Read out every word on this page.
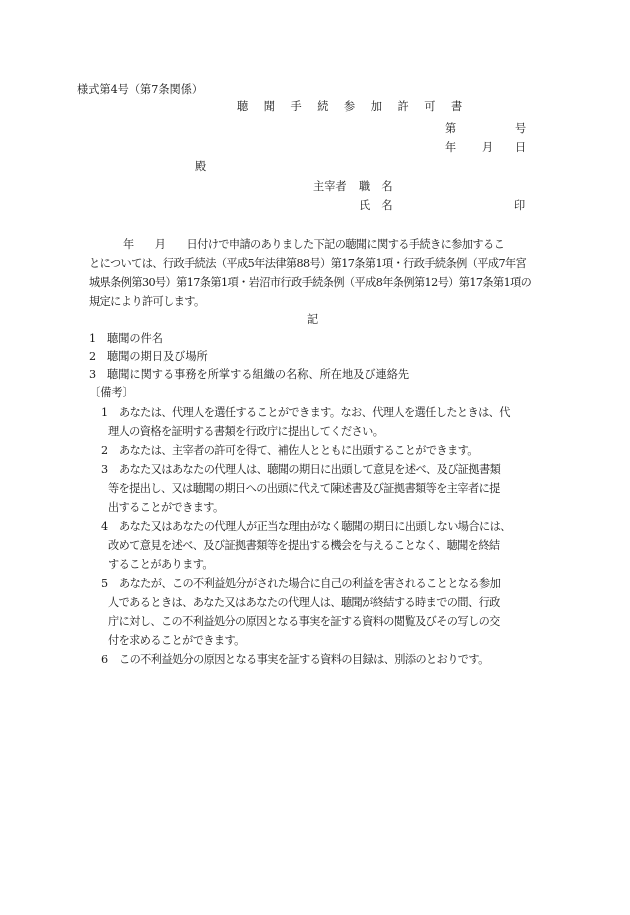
様式第4号（第7条関係）
聴 聞 手 続 参 加 許 可 書
第	号
年 月 日
殿
主宰者 職　名
氏　名	印
年　　月　　日付けで申請のありました下記の聴聞に関する手続きに参加するこ
とについては、行政手続法（平成5年法律第88号）第17条第1項・行政手続条例（平成7年宮
城県条例第30号）第17条第1項・岩沼市行政手続条例（平成8年条例第12号）第17条第1項の
規定により許可します。
記
1 聴聞の件名
2 聴聞の期日及び場所
3 聴聞に関する事務を所掌する組織の名称、所在地及び連絡先
〔備考〕
1 あなたは、代理人を選任することができます。なお、代理人を選任したときは、代
理人の資格を証明する書類を行政庁に提出してください。
2 あなたは、主宰者の許可を得て、補佐人とともに出頭することができます。
3 あなた又はあなたの代理人は、聴聞の期日に出頭して意見を述べ、及び証拠書類
等を提出し、又は聴聞の期日への出頭に代えて陳述書及び証拠書類等を主宰者に提
出することができます。
4 あなた又はあなたの代理人が正当な理由がなく聴聞の期日に出頭しない場合には、
改めて意見を述べ、及び証拠書類等を提出する機会を与えることなく、聴聞を終結
することがあります。
5 あなたが、この不利益処分がされた場合に自己の利益を害されることとなる参加
人であるときは、あなた又はあなたの代理人は、聴聞が終結する時までの間、行政
庁に対し、この不利益処分の原因となる事実を証する資料の閲覧及びその写しの交
付を求めることができます。
6 この不利益処分の原因となる事実を証する資料の目録は、別添のとおりです。
